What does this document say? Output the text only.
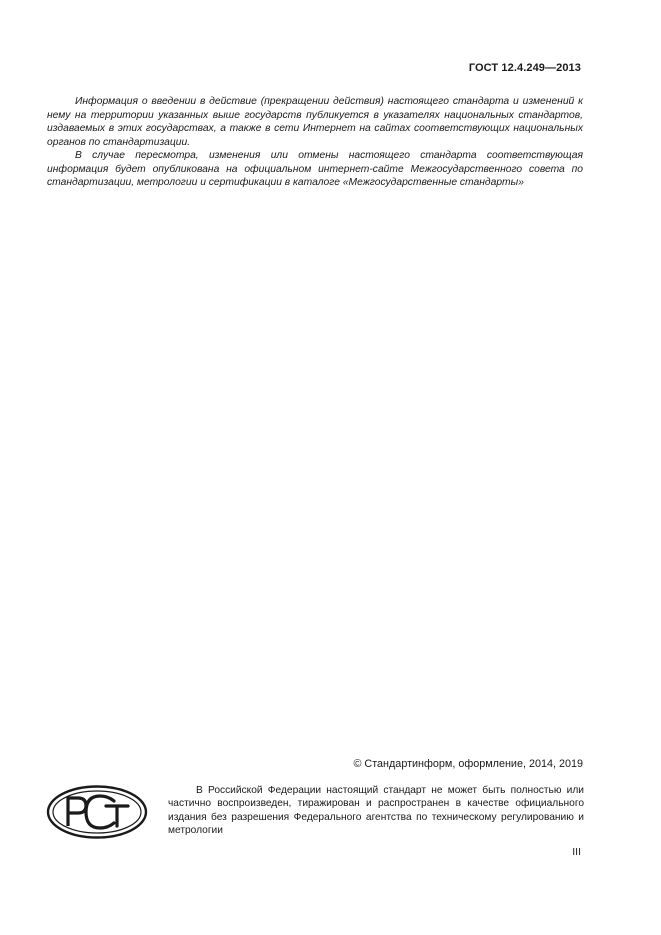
ГОСТ 12.4.249—2013

Информация о введении в действие (прекращении действия) настоящего стандарта и изменений к нему на территории указанных выше государств публикуется в указателях национальных стандартов, издаваемых в этих государствах, а также в сети Интернет на сайтах соответствующих национальных органов по стандартизации.

В случае пересмотра, изменения или отмены настоящего стандарта соответствующая информация будет опубликована на официальном интернет-сайте Межгосударственного совета по стандартизации, метрологии и сертификации в каталоге «Межгосударственные стандарты»

© Стандартинформ, оформление, 2014, 2019

В Российской Федерации настоящий стандарт не может быть полностью или частично воспроизведен, тиражирован и распространен в качестве официального издания без разрешения Федерального агентства по техническому регулированию и метрологии

III
